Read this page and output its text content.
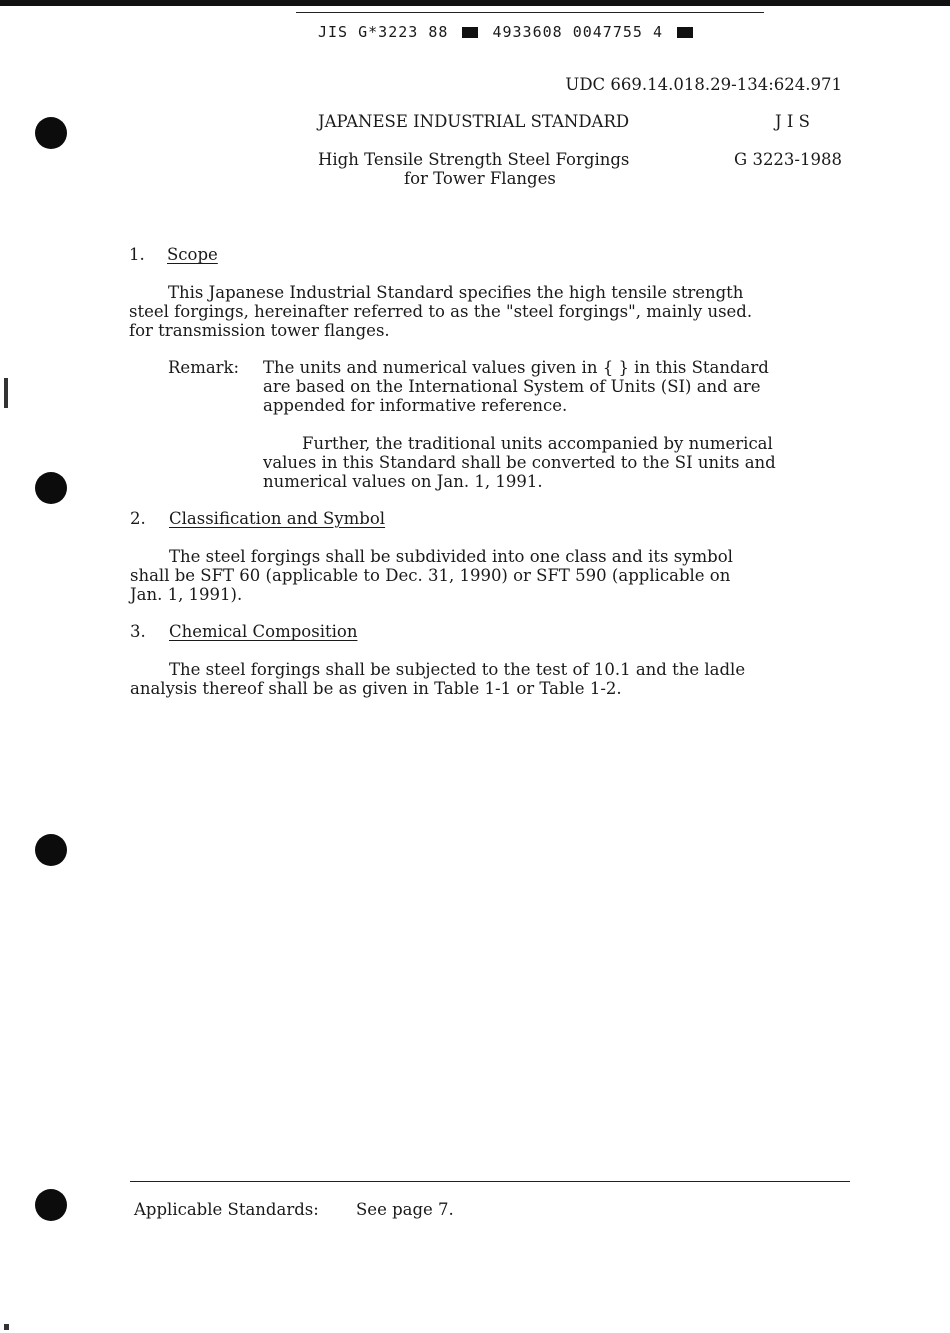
JIS G*3223 88	4933608 0047755 4
UDC 669.14.018.29-134:624.971
JAPANESE INDUSTRIAL STANDARD	J I S
High Tensile Strength Steel Forgings
for Tower Flanges
G 3223-1988
1. Scope
This Japanese Industrial Standard specifies the high tensile strength
steel forgings, hereinafter referred to as the "steel forgings", mainly used.
for transmission tower flanges.
Remark: The units and numerical values given in { } in this Standard
are based on the International System of Units (SI) and are
appended for informative reference.
Further, the traditional units accompanied by numerical
values in this Standard shall be converted to the SI units and
numerical values on Jan. 1, 1991.
2. Classification and Symbol
The steel forgings shall be subdivided into one class and its symbol
shall be SFT 60 (applicable to Dec. 31, 1990) or SFT 590 (applicable on
Jan. 1, 1991).
3. Chemical Composition
The steel forgings shall be subjected to the test of 10.1 and the ladle
analysis thereof shall be as given in Table 1-1 or Table 1-2.
Applicable Standards: See page 7.
